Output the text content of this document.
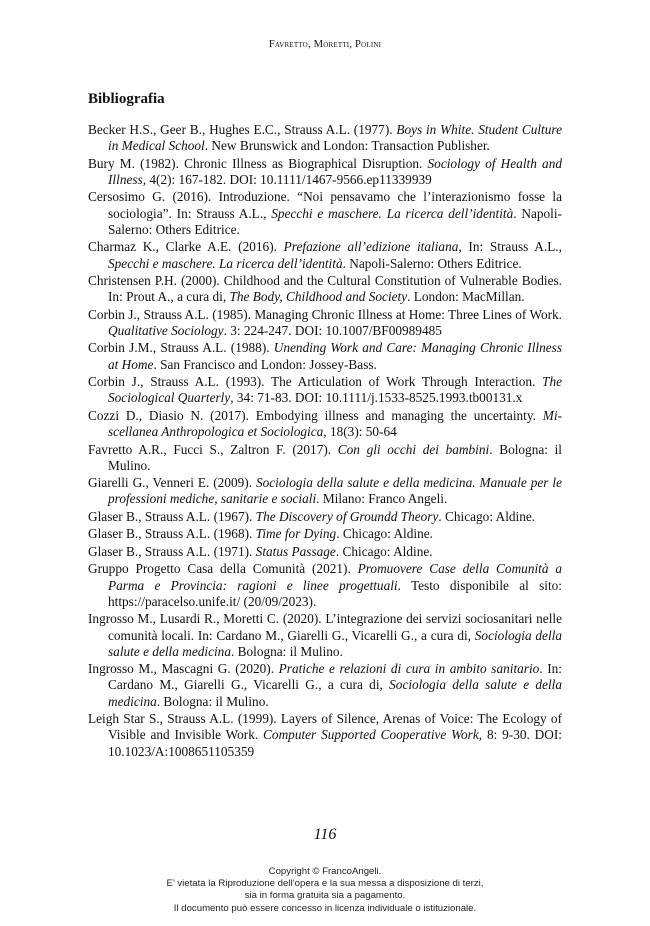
Favretto, Moretti, Polini
Bibliografia
Becker H.S., Geer B., Hughes E.C., Strauss A.L. (1977). Boys in White. Student Culture in Medical School. New Brunswick and London: Transaction Publisher.
Bury M. (1982). Chronic Illness as Biographical Disruption. Sociology of Health and Illness, 4(2): 167-182. DOI: 10.1111/1467-9566.ep11339939
Cersosimo G. (2016). Introduzione. “Noi pensavamo che l’interazionismo fosse la sociologia”. In: Strauss A.L., Specchi e maschere. La ricerca dell’identità. Napoli-Salerno: Others Editrice.
Charmaz K., Clarke A.E. (2016). Prefazione all’edizione italiana, In: Strauss A.L., Specchi e maschere. La ricerca dell’identità. Napoli-Salerno: Others Editrice.
Christensen P.H. (2000). Childhood and the Cultural Constitution of Vulnerable Bodies. In: Prout A., a cura di, The Body, Childhood and Society. London: MacMillan.
Corbin J., Strauss A.L. (1985). Managing Chronic Illness at Home: Three Lines of Work. Qualitative Sociology. 3: 224-247. DOI: 10.1007/BF00989485
Corbin J.M., Strauss A.L. (1988). Unending Work and Care: Managing Chronic Illness at Home. San Francisco and London: Jossey-Bass.
Corbin J., Strauss A.L. (1993). The Articulation of Work Through Interaction. The Sociological Quarterly, 34: 71-83. DOI: 10.1111/j.1533-8525.1993.tb00131.x
Cozzi D., Diasio N. (2017). Embodying illness and managing the uncertainty. Miscellanea Anthropologica et Sociologica, 18(3): 50-64
Favretto A.R., Fucci S., Zaltron F. (2017). Con gli occhi dei bambini. Bologna: il Mulino.
Giarelli G., Venneri E. (2009). Sociologia della salute e della medicina. Manuale per le professioni mediche, sanitarie e sociali. Milano: Franco Angeli.
Glaser B., Strauss A.L. (1967). The Discovery of Groundd Theory. Chicago: Aldine.
Glaser B., Strauss A.L. (1968). Time for Dying. Chicago: Aldine.
Glaser B., Strauss A.L. (1971). Status Passage. Chicago: Aldine.
Gruppo Progetto Casa della Comunità (2021). Promuovere Case della Comunità a Parma e Provincia: ragioni e linee progettuali. Testo disponibile al sito: https://paracelso.unife.it/ (20/09/2023).
Ingrosso M., Lusardi R., Moretti C. (2020). L’integrazione dei servizi sociosanitari nelle comunità locali. In: Cardano M., Giarelli G., Vicarelli G., a cura di, Sociologia della salute e della medicina. Bologna: il Mulino.
Ingrosso M., Mascagni G. (2020). Pratiche e relazioni di cura in ambito sanitario. In: Cardano M., Giarelli G., Vicarelli G., a cura di, Sociologia della salute e della medicina. Bologna: il Mulino.
Leigh Star S., Strauss A.L. (1999). Layers of Silence, Arenas of Voice: The Ecology of Visible and Invisible Work. Computer Supported Cooperative Work, 8: 9-30. DOI: 10.1023/A:1008651105359
116
Copyright © FrancoAngeli.
E’ vietata la Riproduzione dell’opera e la sua messa a disposizione di terzi,
sia in forma gratuita sia a pagamento.
Il documento può essere concesso in licenza individuale o istituzionale.
